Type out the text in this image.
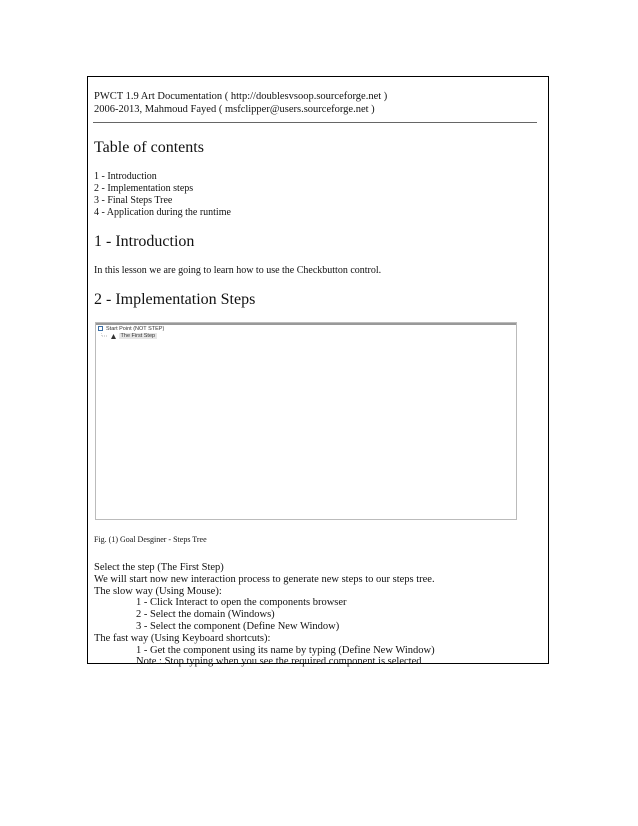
PWCT 1.9 Art Documentation ( http://doublesvsoop.sourceforge.net )
2006-2013, Mahmoud Fayed ( msfclipper@users.sourceforge.net )
Table of contents
1 - Introduction
2 - Implementation steps
3 - Final Steps Tree
4 - Application during the runtime
1 - Introduction
In this lesson we are going to learn how to use the Checkbutton control.
2 - Implementation Steps
Start Point (NOT STEP)
The First Step
Fig. (1) Goal Desginer - Steps Tree
Select the step (The First Step)
We will start now new interaction process to generate new steps to our steps tree.
The slow way (Using Mouse):
1 - Click Interact to open the components browser
2 - Select the domain (Windows)
3 - Select the component (Define New Window)
The fast way (Using Keyboard shortcuts):
1 - Get the component using its name by typing (Define New Window)
Note : Stop typing when you see the required component is selected
